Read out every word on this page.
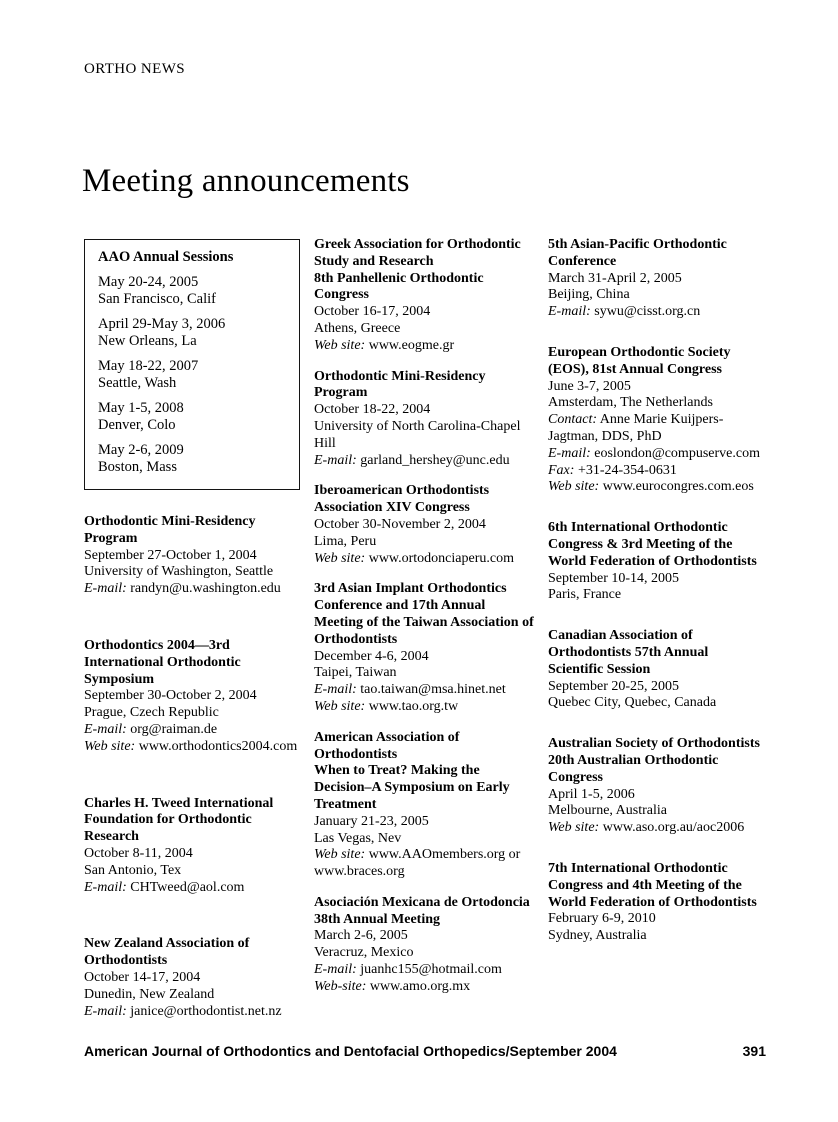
ORTHO NEWS
Meeting announcements
AAO Annual Sessions
May 20-24, 2005
San Francisco, Calif
April 29-May 3, 2006
New Orleans, La
May 18-22, 2007
Seattle, Wash
May 1-5, 2008
Denver, Colo
May 2-6, 2009
Boston, Mass
Orthodontic Mini-Residency Program
September 27-October 1, 2004
University of Washington, Seattle
E-mail: randyn@u.washington.edu
Orthodontics 2004—3rd International Orthodontic Symposium
September 30-October 2, 2004
Prague, Czech Republic
E-mail: org@raiman.de
Web site: www.orthodontics2004.com
Charles H. Tweed International Foundation for Orthodontic Research
October 8-11, 2004
San Antonio, Tex
E-mail: CHTweed@aol.com
New Zealand Association of Orthodontists
October 14-17, 2004
Dunedin, New Zealand
E-mail: janice@orthodontist.net.nz
Greek Association for Orthodontic Study and Research
8th Panhellenic Orthodontic Congress
October 16-17, 2004
Athens, Greece
Web site: www.eogme.gr
Orthodontic Mini-Residency Program
October 18-22, 2004
University of North Carolina-Chapel Hill
E-mail: garland_hershey@unc.edu
Iberoamerican Orthodontists Association XIV Congress
October 30-November 2, 2004
Lima, Peru
Web site: www.ortodonciaperu.com
3rd Asian Implant Orthodontics Conference and 17th Annual Meeting of the Taiwan Association of Orthodontists
December 4-6, 2004
Taipei, Taiwan
E-mail: tao.taiwan@msa.hinet.net
Web site: www.tao.org.tw
American Association of Orthodontists
When to Treat? Making the Decision–A Symposium on Early Treatment
January 21-23, 2005
Las Vegas, Nev
Web site: www.AAOmembers.org or www.braces.org
Asociación Mexicana de Ortodoncia
38th Annual Meeting
March 2-6, 2005
Veracruz, Mexico
E-mail: juanhc155@hotmail.com
Web-site: www.amo.org.mx
5th Asian-Pacific Orthodontic Conference
March 31-April 2, 2005
Beijing, China
E-mail: sywu@cisst.org.cn
European Orthodontic Society (EOS), 81st Annual Congress
June 3-7, 2005
Amsterdam, The Netherlands
Contact: Anne Marie Kuijpers-Jagtman, DDS, PhD
E-mail: eoslondon@compuserve.com
Fax: +31-24-354-0631
Web site: www.eurocongres.com.eos
6th International Orthodontic Congress & 3rd Meeting of the World Federation of Orthodontists
September 10-14, 2005
Paris, France
Canadian Association of Orthodontists 57th Annual Scientific Session
September 20-25, 2005
Quebec City, Quebec, Canada
Australian Society of Orthodontists
20th Australian Orthodontic Congress
April 1-5, 2006
Melbourne, Australia
Web site: www.aso.org.au/aoc2006
7th International Orthodontic Congress and 4th Meeting of the World Federation of Orthodontists
February 6-9, 2010
Sydney, Australia
American Journal of Orthodontics and Dentofacial Orthopedics/September 2004	391
